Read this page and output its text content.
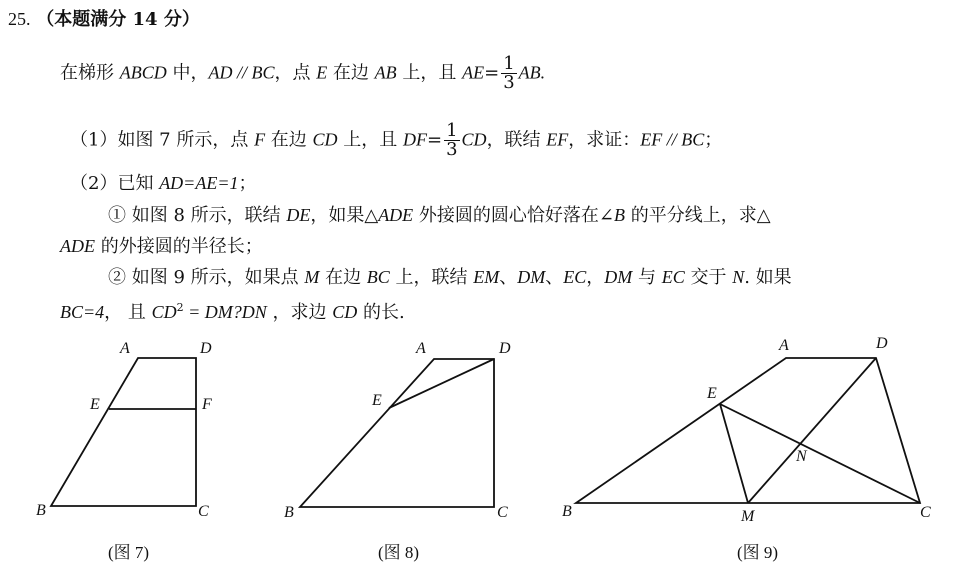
25. （本题满分 14 分）
在梯形 ABCD 中，AD // BC，点 E 在边 AB 上，且 $AE= \frac{1}{3}$ AB.
（1）如图 7 所示，点 F 在边 CD 上，且 $DF= \frac{1}{3}$ CD，联结 EF，求证：EF // BC；
（2）已知 AD=AE=1；
① 如图 8 所示，联结 DE，如果△ADE 外接圆的圆心恰好落在∠B 的平分线上，求△
ADE 的外接圆的半径长；
② 如图 9 所示，如果点 M 在边 BC 上，联结 EM、DM、EC，DM 与 EC 交于 N. 如果
BC=4， 且 $CD^2$ = DM?DN ，求边 CD 的长.
A	D
E	F
B	C
A	D
E
B	C
A	D
E
N
B	M	C
(图 7)	(图 8)	(图 9)
